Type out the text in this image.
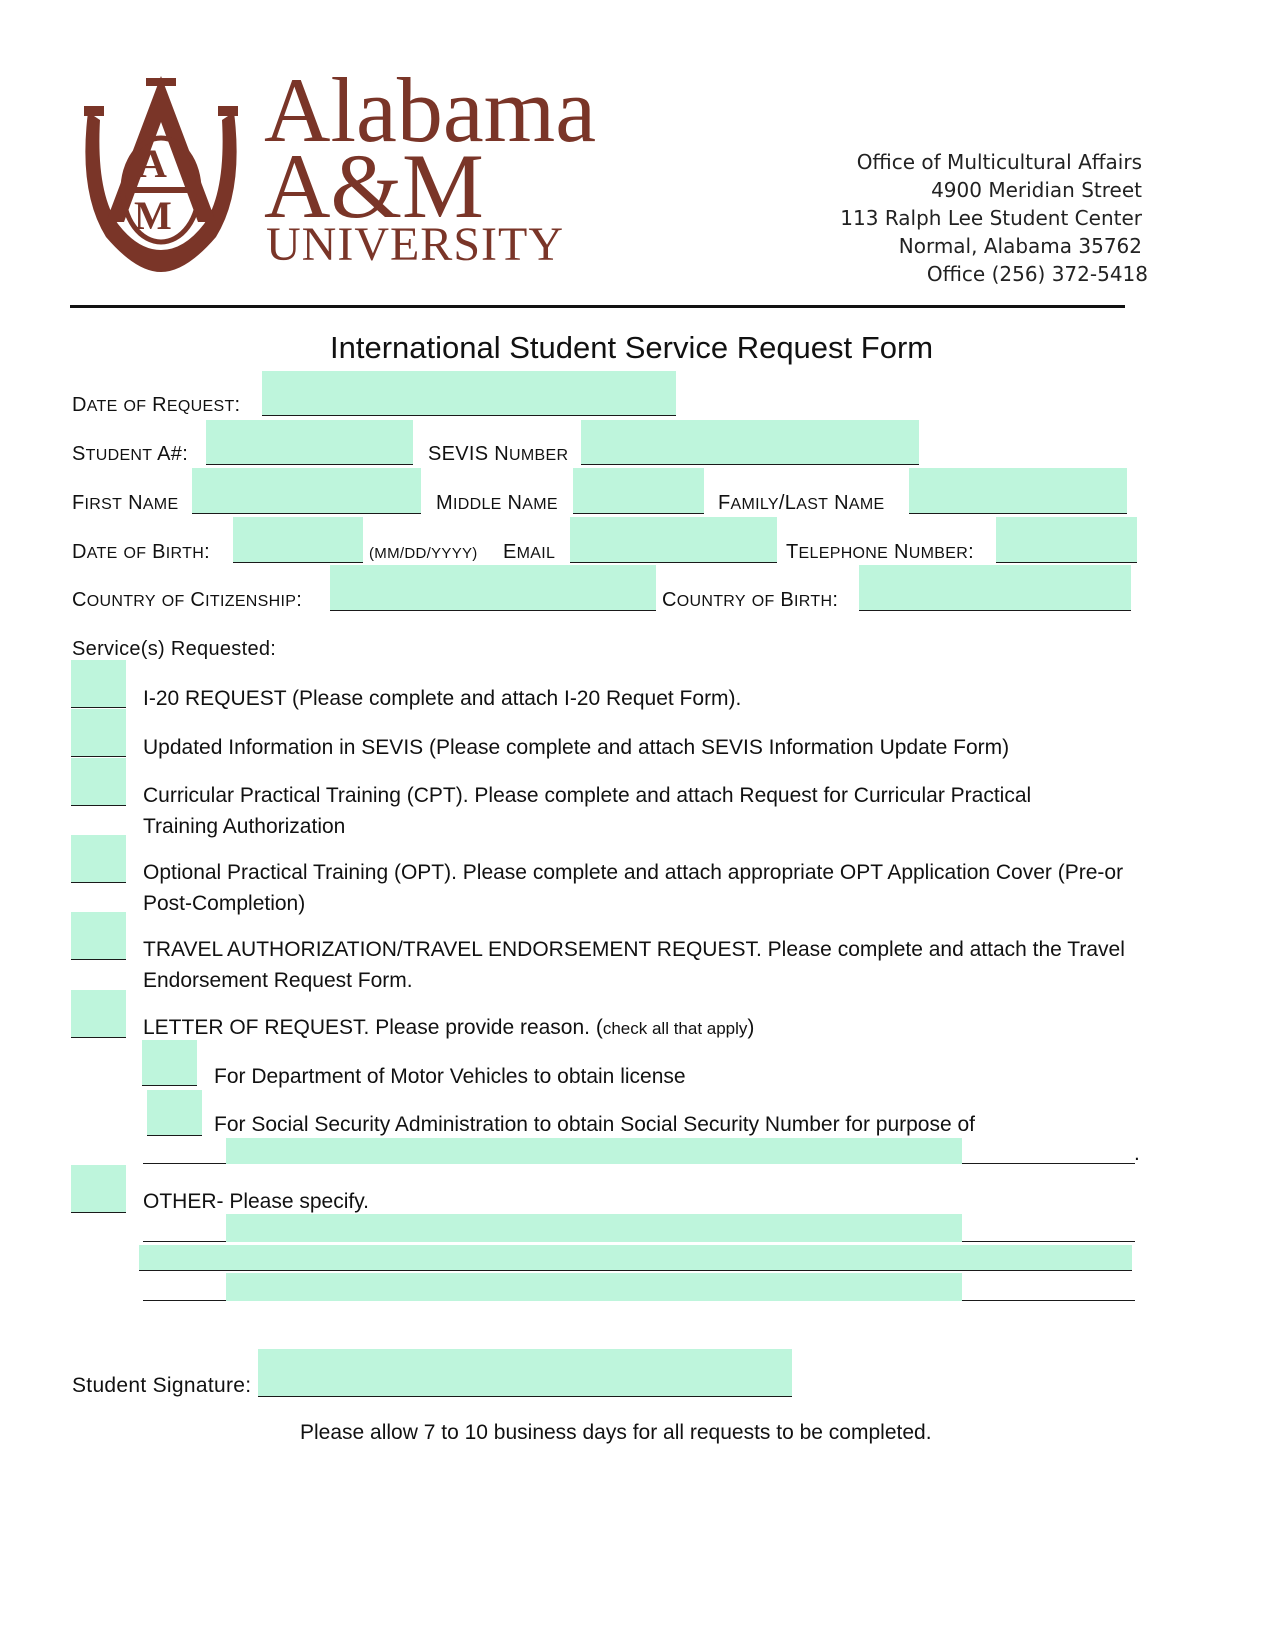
A
M
Alabama
A&M
UNIVERSITY
Office of Multicultural Affairs
4900 Meridian Street
113 Ralph Lee Student Center
Normal, Alabama 35762
Office (256) 372-5418
International Student Service Request Form
DATE OF REQUEST:
STUDENT A#:	SEVIS NUMBER
FIRST NAME	MIDDLE NAME	FAMILY/LAST NAME
DATE OF BIRTH:	(MM/DD/YYYY) EMAIL	TELEPHONE NUMBER:
COUNTRY OF CITIZENSHIP:	COUNTRY OF BIRTH:
Service(s) Requested:
I-20 REQUEST (Please complete and attach I-20 Requet Form).
Updated Information in SEVIS (Please complete and attach SEVIS Information Update Form)
Curricular Practical Training (CPT). Please complete and attach Request for Curricular Practical Training Authorization
Optional Practical Training (OPT). Please complete and attach appropriate OPT Application Cover (Pre-or Post-Completion)
TRAVEL AUTHORIZATION/TRAVEL ENDORSEMENT REQUEST. Please complete and attach the Travel Endorsement Request Form.
LETTER OF REQUEST. Please provide reason. (check all that apply)
For Department of Motor Vehicles to obtain license
For Social Security Administration to obtain Social Security Number for purpose of
.
OTHER- Please specify.
Student Signature:
Please allow 7 to 10 business days for all requests to be completed.
